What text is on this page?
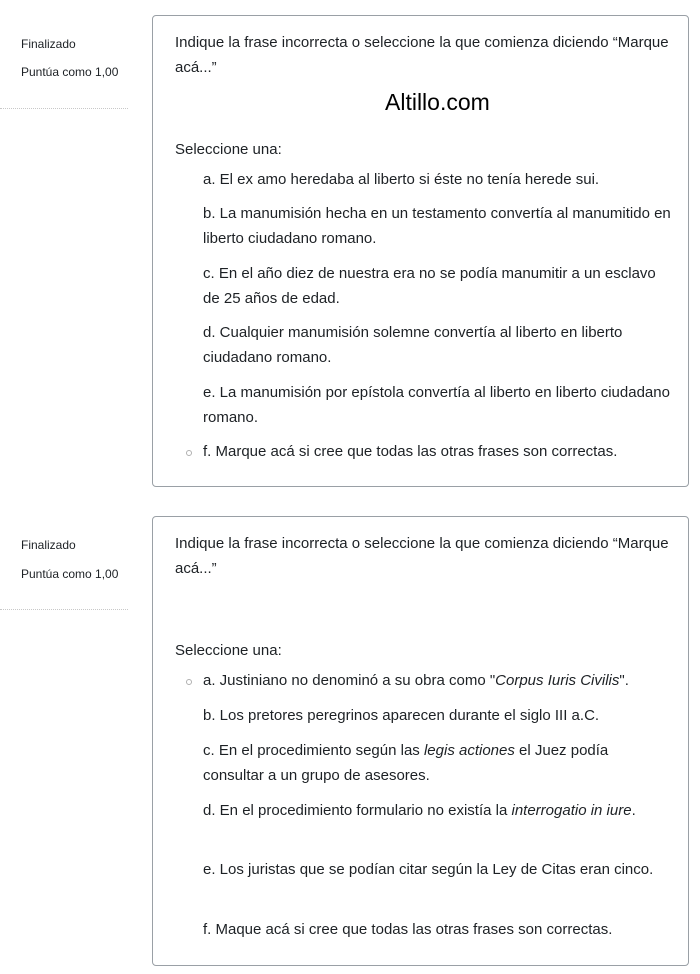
Finalizado
Puntúa como 1,00
Indique la frase incorrecta o seleccione la que comienza diciendo “Marque acá...”
Altillo.com
Seleccione una:
a. El ex amo heredaba al liberto si éste no tenía herede sui.
b. La manumisión hecha en un testamento convertía al manumitido en liberto ciudadano romano.
c. En el año diez de nuestra era no se podía manumitir a un esclavo de 25 años de edad.
d. Cualquier manumisión solemne convertía al liberto en liberto ciudadano romano.
e. La manumisión por epístola convertía al liberto en liberto ciudadano romano.
f. Marque acá si cree que todas las otras frases son correctas.
Finalizado
Puntúa como 1,00
Indique la frase incorrecta o seleccione la que comienza diciendo “Marque acá...”
Seleccione una:
a. Justiniano no denominó a su obra como "Corpus Iuris Civilis".
b. Los pretores peregrinos aparecen durante el siglo III a.C.
c. En el procedimiento según las legis actiones el Juez podía consultar a un grupo de asesores.
d. En el procedimiento formulario no existía la interrogatio in iure.
e. Los juristas que se podían citar según la Ley de Citas eran cinco.
f. Maque acá si cree que todas las otras frases son correctas.
